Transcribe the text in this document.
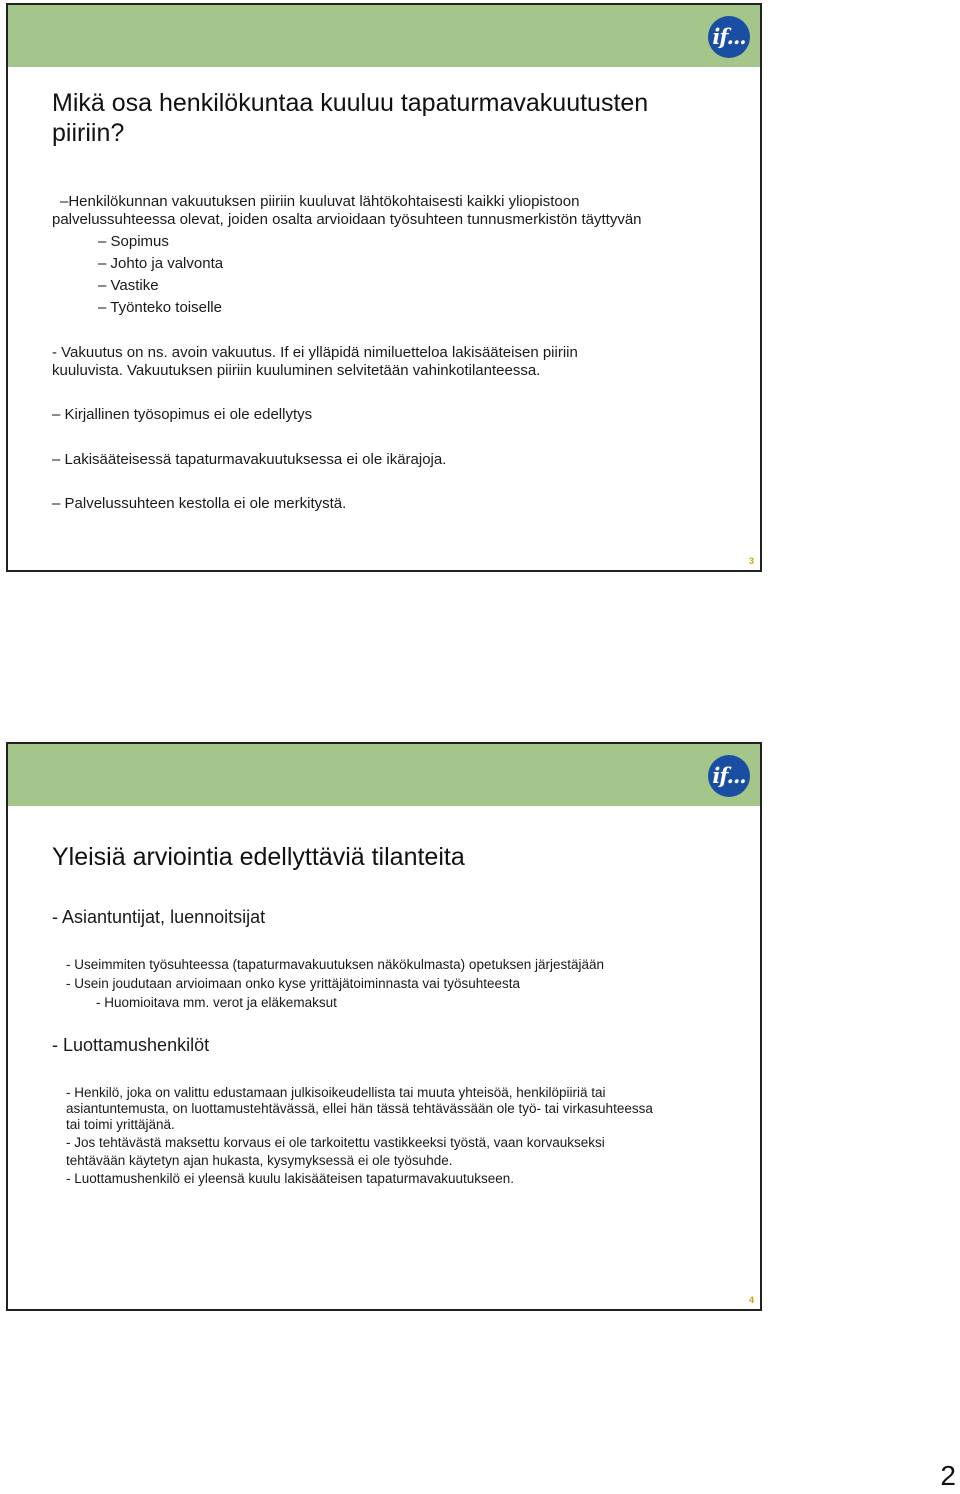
if...

Mikä osa henkilökuntaa kuuluu tapaturmavakuutusten

piiriin?

–Henkilökunnan vakuutuksen piiriin kuuluvat lähtökohtaisesti kaikki yliopistoon

palvelussuhteessa olevat, joiden osalta arvioidaan työsuhteen tunnusmerkistön täyttyvän

– Sopimus

– Johto ja valvonta

– Vastike

– Työnteko toiselle

- Vakuutus on ns. avoin vakuutus. If ei ylläpidä nimiluetteloa lakisääteisen piiriin

kuuluvista. Vakuutuksen piiriin kuuluminen selvitetään vahinkotilanteessa.

– Kirjallinen työsopimus ei ole edellytys

– Lakisääteisessä tapaturmavakuutuksessa ei ole ikärajoja.

– Palvelussuhteen kestolla ei ole merkitystä.

3
if...

Yleisiä arviointia edellyttäviä tilanteita

- Asiantuntijat, luennoitsijat

- Useimmiten työsuhteessa (tapaturmavakuutuksen näkökulmasta) opetuksen järjestäjään

- Usein joudutaan arvioimaan onko kyse yrittäjätoiminnasta vai työsuhteesta

- Huomioitava mm. verot ja eläkemaksut

- Luottamushenkilöt

- Henkilö, joka on valittu edustamaan julkisoikeudellista tai muuta yhteisöä, henkilöpiiriä tai

asiantuntemusta, on luottamustehtävässä, ellei hän tässä tehtävässään ole työ- tai virkasuhteessa

tai toimi yrittäjänä.

- Jos tehtävästä maksettu korvaus ei ole tarkoitettu vastikkeeksi työstä, vaan korvaukseksi

tehtävään käytetyn ajan hukasta, kysymyksessä ei ole työsuhde.

- Luottamushenkilö ei yleensä kuulu lakisääteisen tapaturmavakuutukseen.

4
2
